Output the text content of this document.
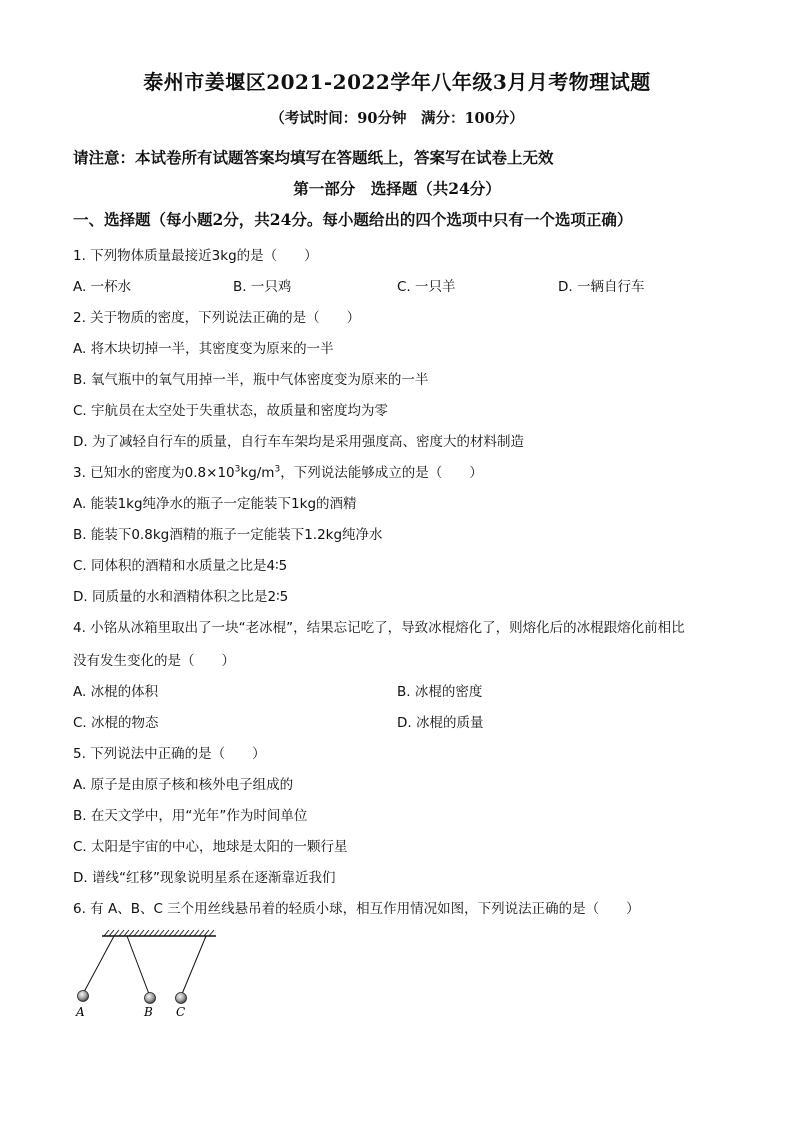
泰州市姜堰区2021-2022学年八年级3月月考物理试题
（考试时间：90分钟　满分：100分）
请注意：本试卷所有试题答案均填写在答题纸上，答案写在试卷上无效
第一部分　选择题（共24分）
一、选择题（每小题2分，共24分。每小题给出的四个选项中只有一个选项正确）
1. 下列物体质量最接近3kg的是（　　）
A. 一杯水	B. 一只鸡	C. 一只羊	D. 一辆自行车
2. 关于物质的密度，下列说法正确的是（　　）
A. 将木块切掉一半，其密度变为原来的一半
B. 氧气瓶中的氧气用掉一半，瓶中气体密度变为原来的一半
C. 宇航员在太空处于失重状态，故质量和密度均为零
D. 为了减轻自行车的质量，自行车车架均是采用强度高、密度大的材料制造
3. 已知水的密度为$0.8\times 10^3kg/m^3$，下列说法能够成立的是（　　）
A. 能装1kg纯净水的瓶子一定能装下1kg的酒精
B. 能装下0.8kg酒精的瓶子一定能装下1.2kg纯净水
C. 同体积的酒精和水质量之比是4∶5
D. 同质量的水和酒精体积之比是2∶5
4. 小铭从冰箱里取出了一块“老冰棍”，结果忘记吃了，导致冰棍熔化了，则熔化后的冰棍跟熔化前相比
没有发生变化的是（　　）
A. 冰棍的体积	B. 冰棍的密度
C. 冰棍的物态	D. 冰棍的质量
5. 下列说法中正确的是（　　）
A. 原子是由原子核和核外电子组成的
B. 在天文学中，用“光年”作为时间单位
C. 太阳是宇宙的中心，地球是太阳的一颗行星
D. 谱线“红移”现象说明星系在逐渐靠近我们
6. 有 A、B、C 三个用丝线悬吊着的轻质小球，相互作用情况如图，下列说法正确的是（　　）
A	B C
